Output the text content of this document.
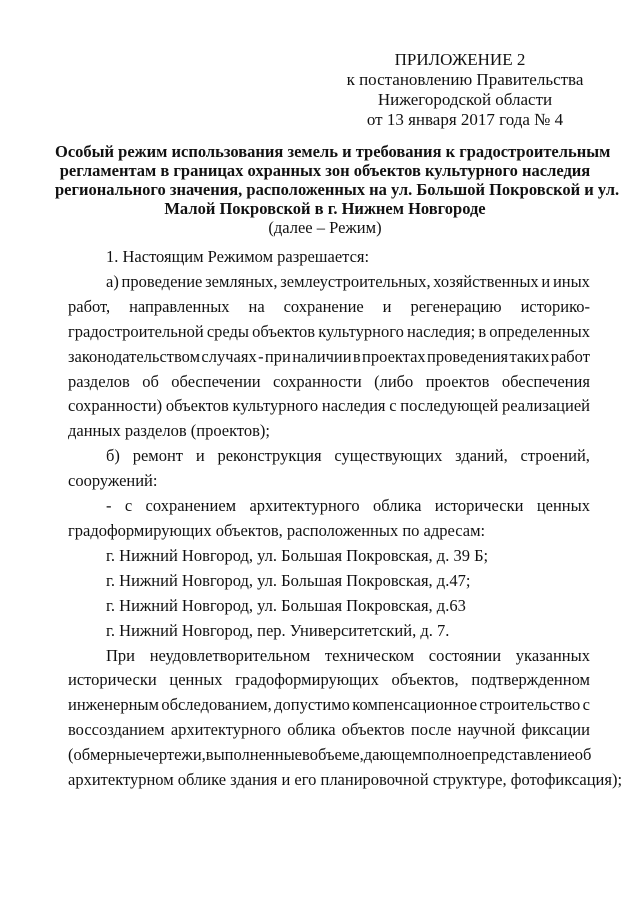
ПРИЛОЖЕНИЕ 2
к постановлению Правительства
Нижегородской области
от 13 января 2017 года № 4
Особый режим использования земель и требования к градостроительным
регламентам в границах охранных зон объектов культурного наследия
регионального значения, расположенных на ул. Большой Покровской и ул.
Малой Покровской в г. Нижнем Новгороде
(далее – Режим)
1. Настоящим Режимом разрешается:
а) проведение земляных, землеустроительных, хозяйственных и иных
работ, направленных на сохранение и регенерацию историко-
градостроительной среды объектов культурного наследия; в определенных
законодательством случаях - при наличии в проектах проведения таких работ
разделов об обеспечении сохранности (либо проектов обеспечения
сохранности) объектов культурного наследия с последующей реализацией
данных разделов (проектов);
б) ремонт и реконструкция существующих зданий, строений,
сооружений:
- с сохранением архитектурного облика исторически ценных
градоформирующих объектов, расположенных по адресам:
г. Нижний Новгород, ул. Большая Покровская, д. 39 Б;
г. Нижний Новгород, ул. Большая Покровская, д.47;
г. Нижний Новгород, ул. Большая Покровская, д.63
г. Нижний Новгород, пер. Университетский, д. 7.
При неудовлетворительном техническом состоянии указанных
исторически ценных градоформирующих объектов, подтвержденном
инженерным обследованием, допустимо компенсационное строительство с
воссозданием архитектурного облика объектов после научной фиксации
(обмерные чертежи, выполненные в объеме, дающем полное представление об
архитектурном облике здания и его планировочной структуре, фотофиксация);
